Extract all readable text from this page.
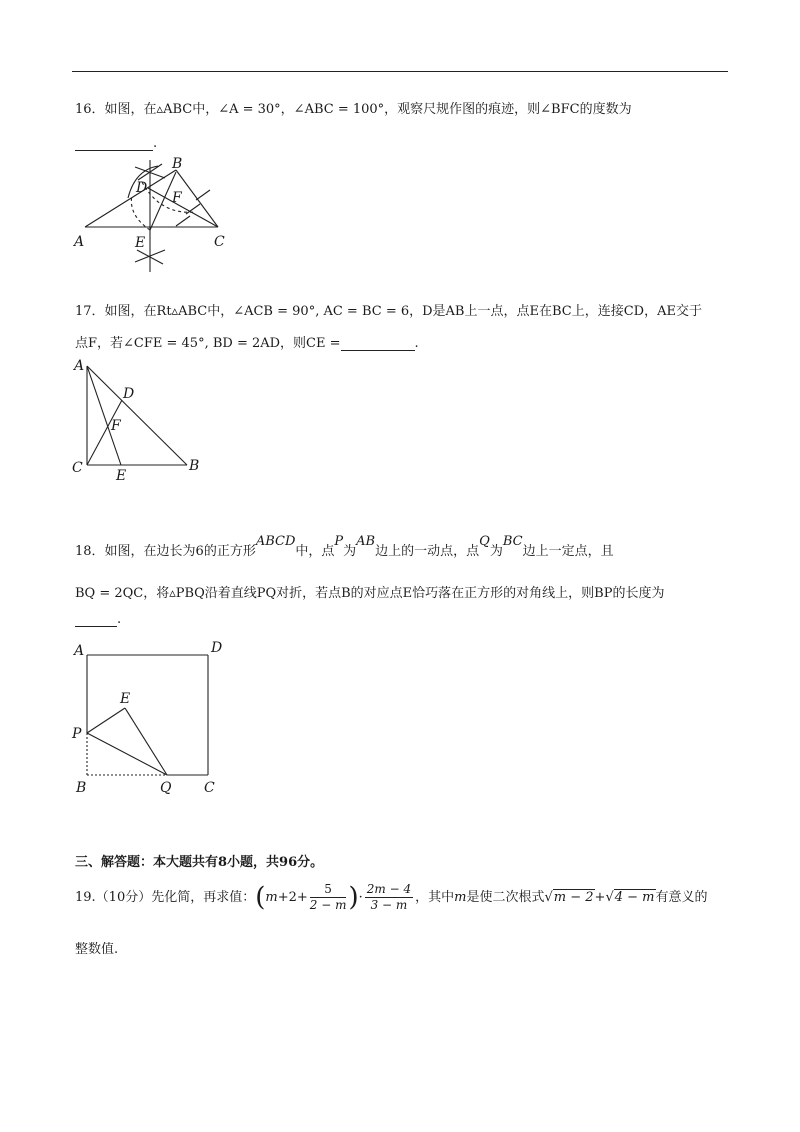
16．如图，在▵ABC中，∠A = 30°，∠ABC = 100°，观察尺规作图的痕迹，则∠BFC的度数为
.
A
B
C
D
E
F
17．如图，在Rt▵ABC中，∠ACB = 90°, AC = BC = 6，D是AB上一点，点E在BC上，连接CD，AE交于
点F，若∠CFE = 45°, BD = 2AD，则CE =	.
A
B
C
D
E
F
18．如图，在边长为6的正方形ABCD中，点P为AB边上的一动点，点Q为BC边上一定点，且
BQ = 2QC，将▵PBQ沿着直线PQ对折，若点B的对应点E恰巧落在正方形的对角线上，则BP的长度为
.
A	D
E
P
B	Q C
三、解答题：本大题共有8小题，共96分。
19.（10分）先化简，再求值：($m+2+ \frac{5}{2 - m}$ )· $\frac{2m - 4}{3 - m}$ ，其中m是使二次根式√m − 2+√4 − m有意义的
整数值.
